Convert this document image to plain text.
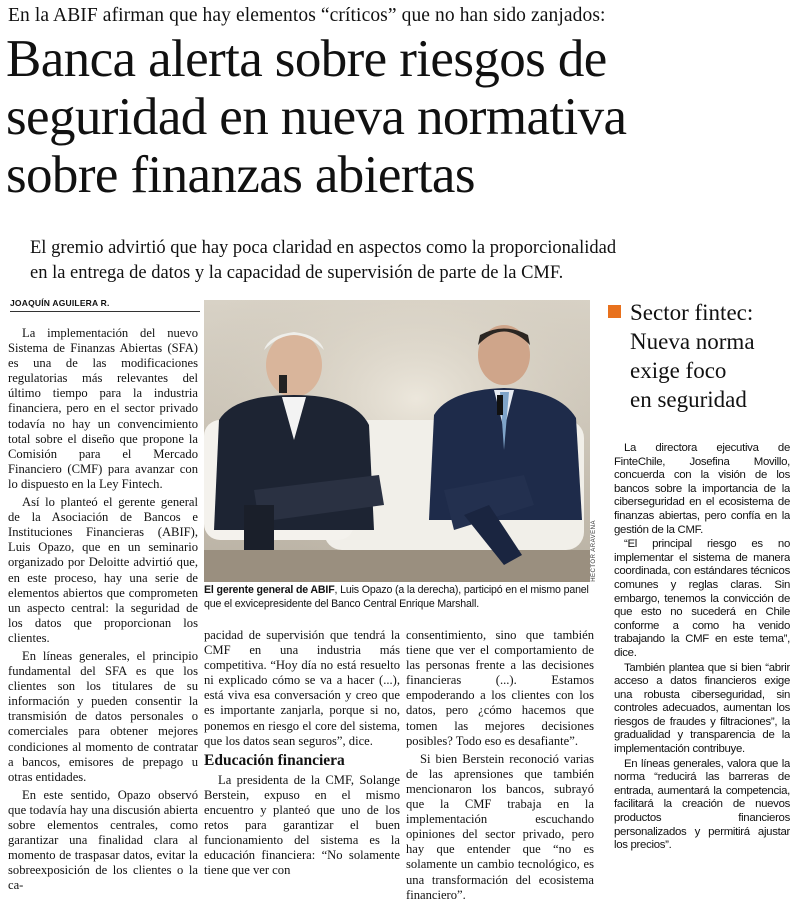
En la ABIF afirman que hay elementos “críticos” que no han sido zanjados:
Banca alerta sobre riesgos de
seguridad en nueva normativa
sobre finanzas abiertas
El gremio advirtió que hay poca claridad en aspectos como la proporcionalidad
en la entrega de datos y la capacidad de supervisión de parte de la CMF.
JOAQUÍN AGUILERA R.

La implementación del nuevo Sistema de Finanzas Abiertas (SFA) es una de las modificaciones regulatorias más relevantes del último tiempo para la industria financiera, pero en el sector privado todavía no hay un convencimiento total sobre el diseño que propone la Comisión para el Mercado Financiero (CMF) para avanzar con lo dispuesto en la Ley Fintech.

Así lo planteó el gerente general de la Asociación de Bancos e Instituciones Financieras (ABIF), Luis Opazo, que en un seminario organizado por Deloitte advirtió que, en este proceso, hay una serie de elementos abiertos que comprometen un aspecto central: la seguridad de los datos que proporcionan los clientes.

En líneas generales, el principio fundamental del SFA es que los clientes son los titulares de su información y pueden consentir la transmisión de datos personales o comerciales para obtener mejores condiciones al momento de contratar a bancos, emisores de prepago u otras entidades.

En este sentido, Opazo observó que todavía hay una discusión abierta sobre elementos centrales, como garantizar una finalidad clara al momento de traspasar datos, evitar la sobreexposición de los clientes o la ca-

HÉCTOR ARAVENA
El gerente general de ABIF, Luis Opazo (a la derecha), participó en el mismo panel que el exvicepresidente del Banco Central Enrique Marshall.

pacidad de supervisión que tendrá la CMF en una industria más competitiva. “Hoy día no está resuelto ni explicado cómo se va a hacer (...), está viva esa conversación y creo que es importante zanjarla, porque si no, ponemos en riesgo el core del sistema, que los datos sean seguros”, dice.

Educación financiera

La presidenta de la CMF, Solange Berstein, expuso en el mismo encuentro y planteó que uno de los retos para garantizar el buen funcionamiento del sistema es la educación financiera: “No solamente tiene que ver con

consentimiento, sino que también tiene que ver el comportamiento de las personas frente a las decisiones financieras (...). Estamos empoderando a los clientes con los datos, pero ¿cómo hacemos que tomen las mejores decisiones posibles? Todo eso es desafiante”.

Si bien Berstein reconoció varias de las aprensiones que también mencionaron los bancos, subrayó que la CMF trabaja en la implementación escuchando opiniones del sector privado, pero hay que entender que “no es solamente un cambio tecnológico, es una transformación del ecosistema financiero”.

Sector fintec:
Nueva norma
exige foco
en seguridad

La directora ejecutiva de FinteChile, Josefina Movillo, concuerda con la visión de los bancos sobre la importancia de la ciberseguridad en el ecosistema de finanzas abiertas, pero confía en la gestión de la CMF.

“El principal riesgo es no implementar el sistema de manera coordinada, con estándares técnicos comunes y reglas claras. Sin embargo, tenemos la convicción de que esto no sucederá en Chile conforme a como ha venido trabajando la CMF en este tema”, dice.

También plantea que si bien “abrir acceso a datos financieros exige una robusta ciberseguridad, sin controles adecuados, aumentan los riesgos de fraudes y filtraciones”, la gradualidad y transparencia de la implementación contribuye.

En líneas generales, valora que la norma “reducirá las barreras de entrada, aumentará la competencia, facilitará la creación de nuevos productos financieros personalizados y permitirá ajustar los precios”.
